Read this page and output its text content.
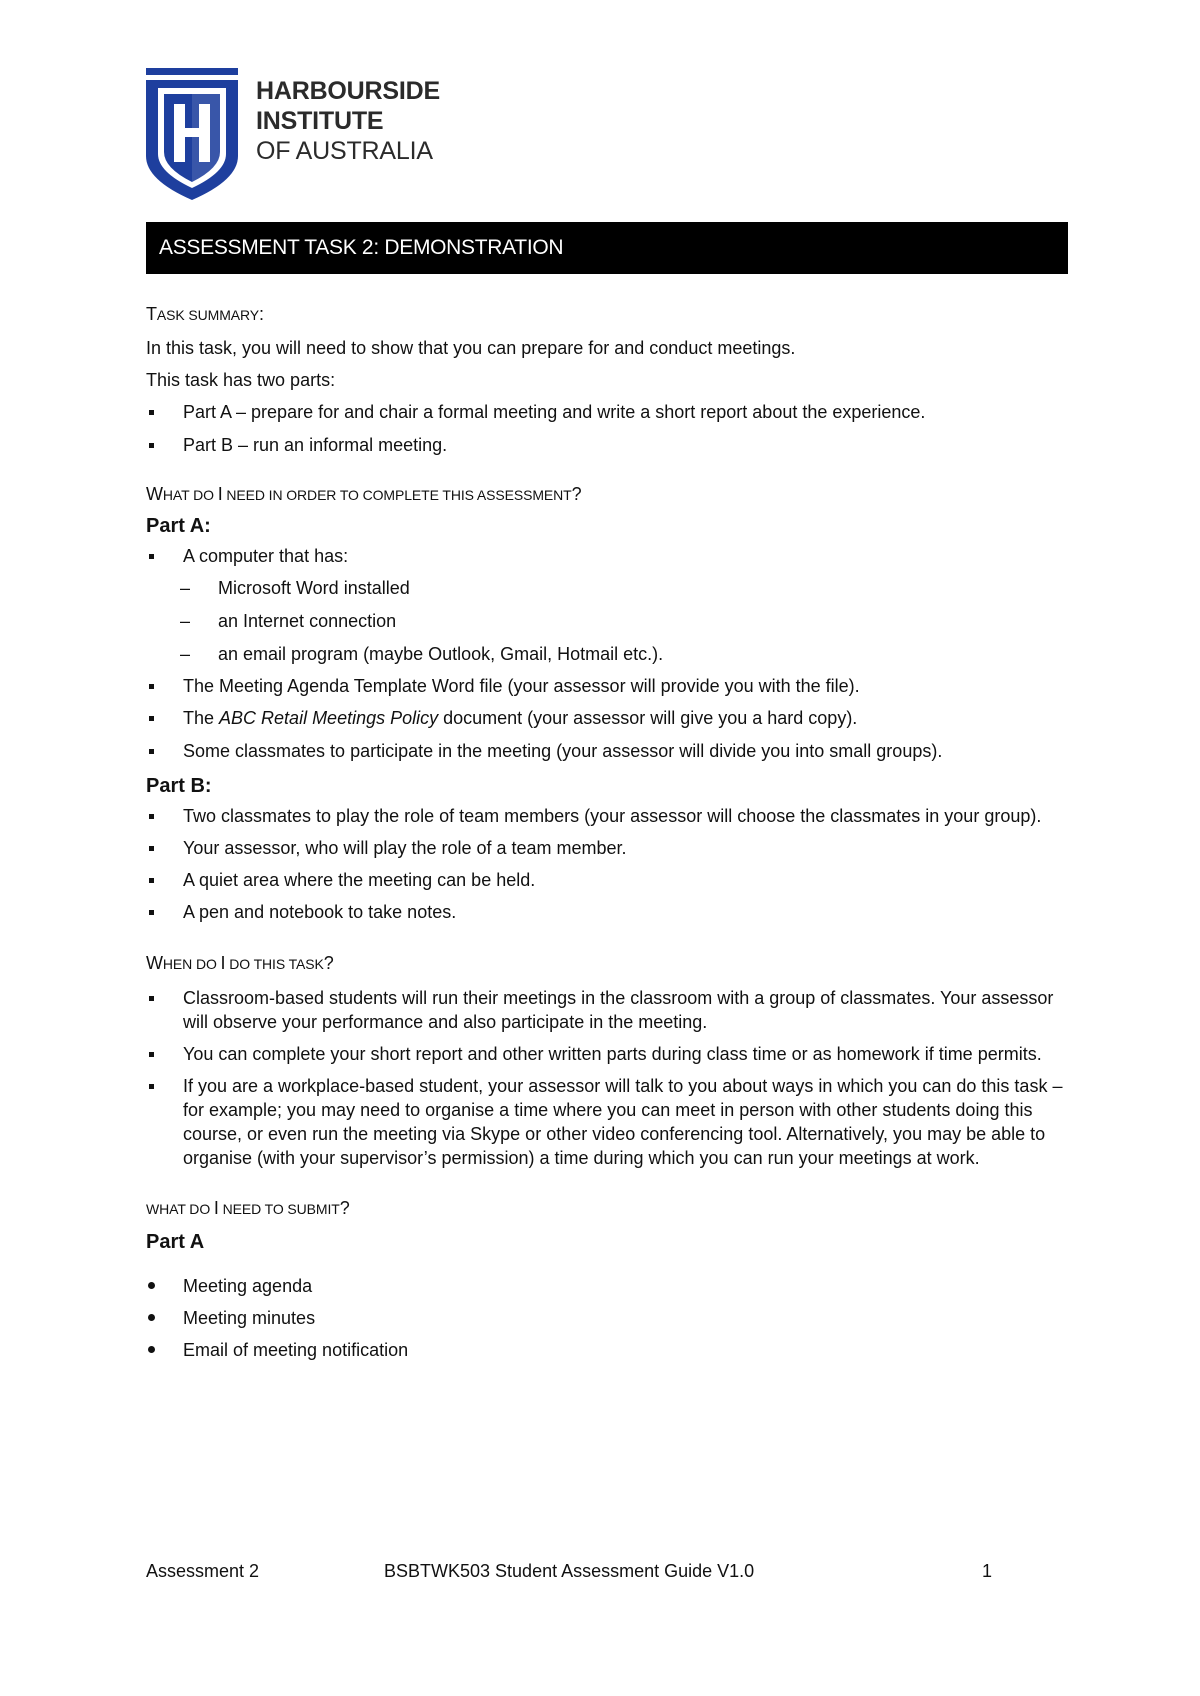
HARBOURSIDE
INSTITUTE
OF AUSTRALIA
ASSESSMENT TASK 2: DEMONSTRATION
TASK SUMMARY:

In this task, you will need to show that you can prepare for and conduct meetings.

This task has two parts:

Part A – prepare for and chair a formal meeting and write a short report about the experience.
Part B – run an informal meeting.
WHAT DO I NEED IN ORDER TO COMPLETE THIS ASSESSMENT?
Part A:
A computer that has:
– Microsoft Word installed
– an Internet connection
– an email program (maybe Outlook, Gmail, Hotmail etc.).
The Meeting Agenda Template Word file (your assessor will provide you with the file).
The ABC Retail Meetings Policy document (your assessor will give you a hard copy).
Some classmates to participate in the meeting (your assessor will divide you into small groups).
Part B:
Two classmates to play the role of team members (your assessor will choose the classmates in your group).
Your assessor, who will play the role of a team member.
A quiet area where the meeting can be held.
A pen and notebook to take notes.
WHEN DO I DO THIS TASK?
Classroom-based students will run their meetings in the classroom with a group of classmates. Your assessor will observe your performance and also participate in the meeting.
You can complete your short report and other written parts during class time or as homework if time permits.
If you are a workplace-based student, your assessor will talk to you about ways in which you can do this task – for example; you may need to organise a time where you can meet in person with other students doing this course, or even run the meeting via Skype or other video conferencing tool. Alternatively, you may be able to organise (with your supervisor’s permission) a time during which you can run your meetings at work.
WHAT DO I NEED TO SUBMIT?
Part A
Meeting agenda
Meeting minutes
Email of meeting notification
Assessment 2	BSBTWK503 Student Assessment Guide V1.0	1
